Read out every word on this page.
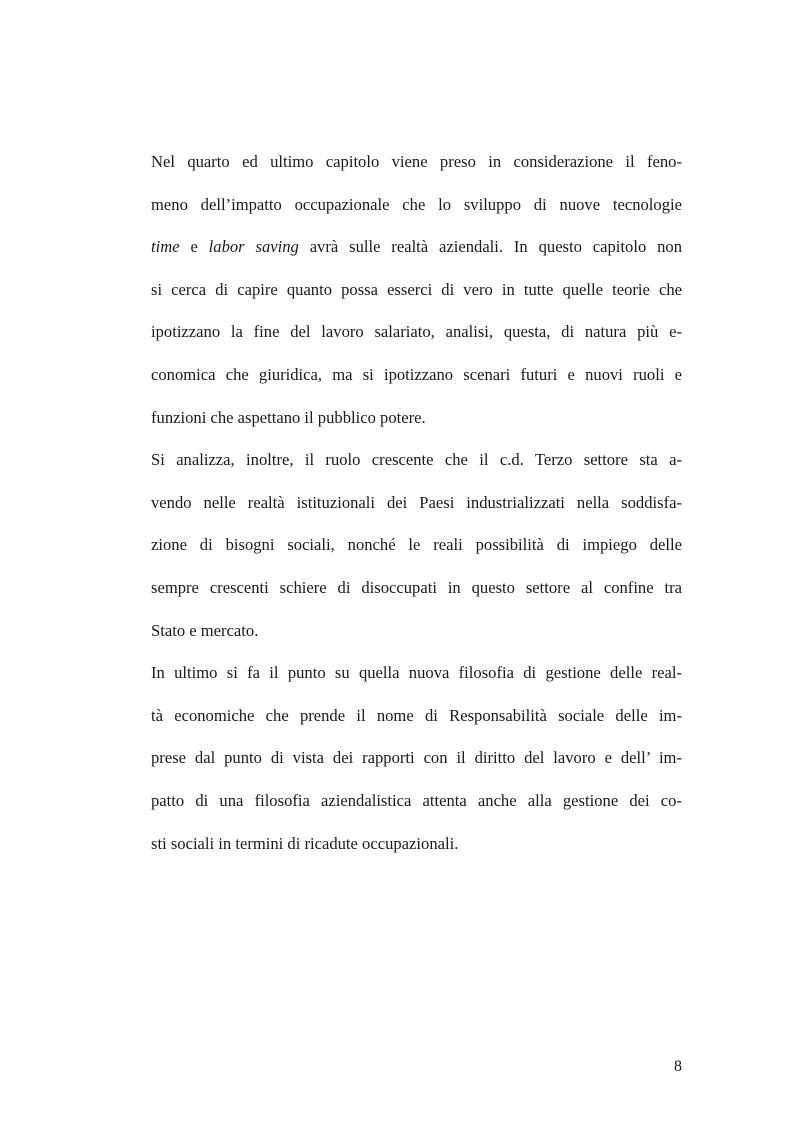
Nel quarto ed ultimo capitolo viene preso in considerazione il feno-
meno dell’impatto occupazionale che lo sviluppo di nuove tecnologie
time e labor saving avrà sulle realtà aziendali. In questo capitolo non
si cerca di capire quanto possa esserci di vero in tutte quelle teorie che
ipotizzano la fine del lavoro salariato, analisi, questa, di natura più e-
conomica che giuridica, ma si ipotizzano scenari futuri e nuovi ruoli e
funzioni che aspettano il pubblico potere.
Si analizza, inoltre, il ruolo crescente che il c.d. Terzo settore sta a-
vendo nelle realtà istituzionali dei Paesi industrializzati nella soddisfa-
zione di bisogni sociali, nonché le reali possibilità di impiego delle
sempre crescenti schiere di disoccupati in questo settore al confine tra
Stato e mercato.
In ultimo si fa il punto su quella nuova filosofia di gestione delle real-
tà economiche che prende il nome di Responsabilità sociale delle im-
prese dal punto di vista dei rapporti con il diritto del lavoro e dell’ im-
patto di una filosofia aziendalistica attenta anche alla gestione dei co-
sti sociali in termini di ricadute occupazionali.
8
